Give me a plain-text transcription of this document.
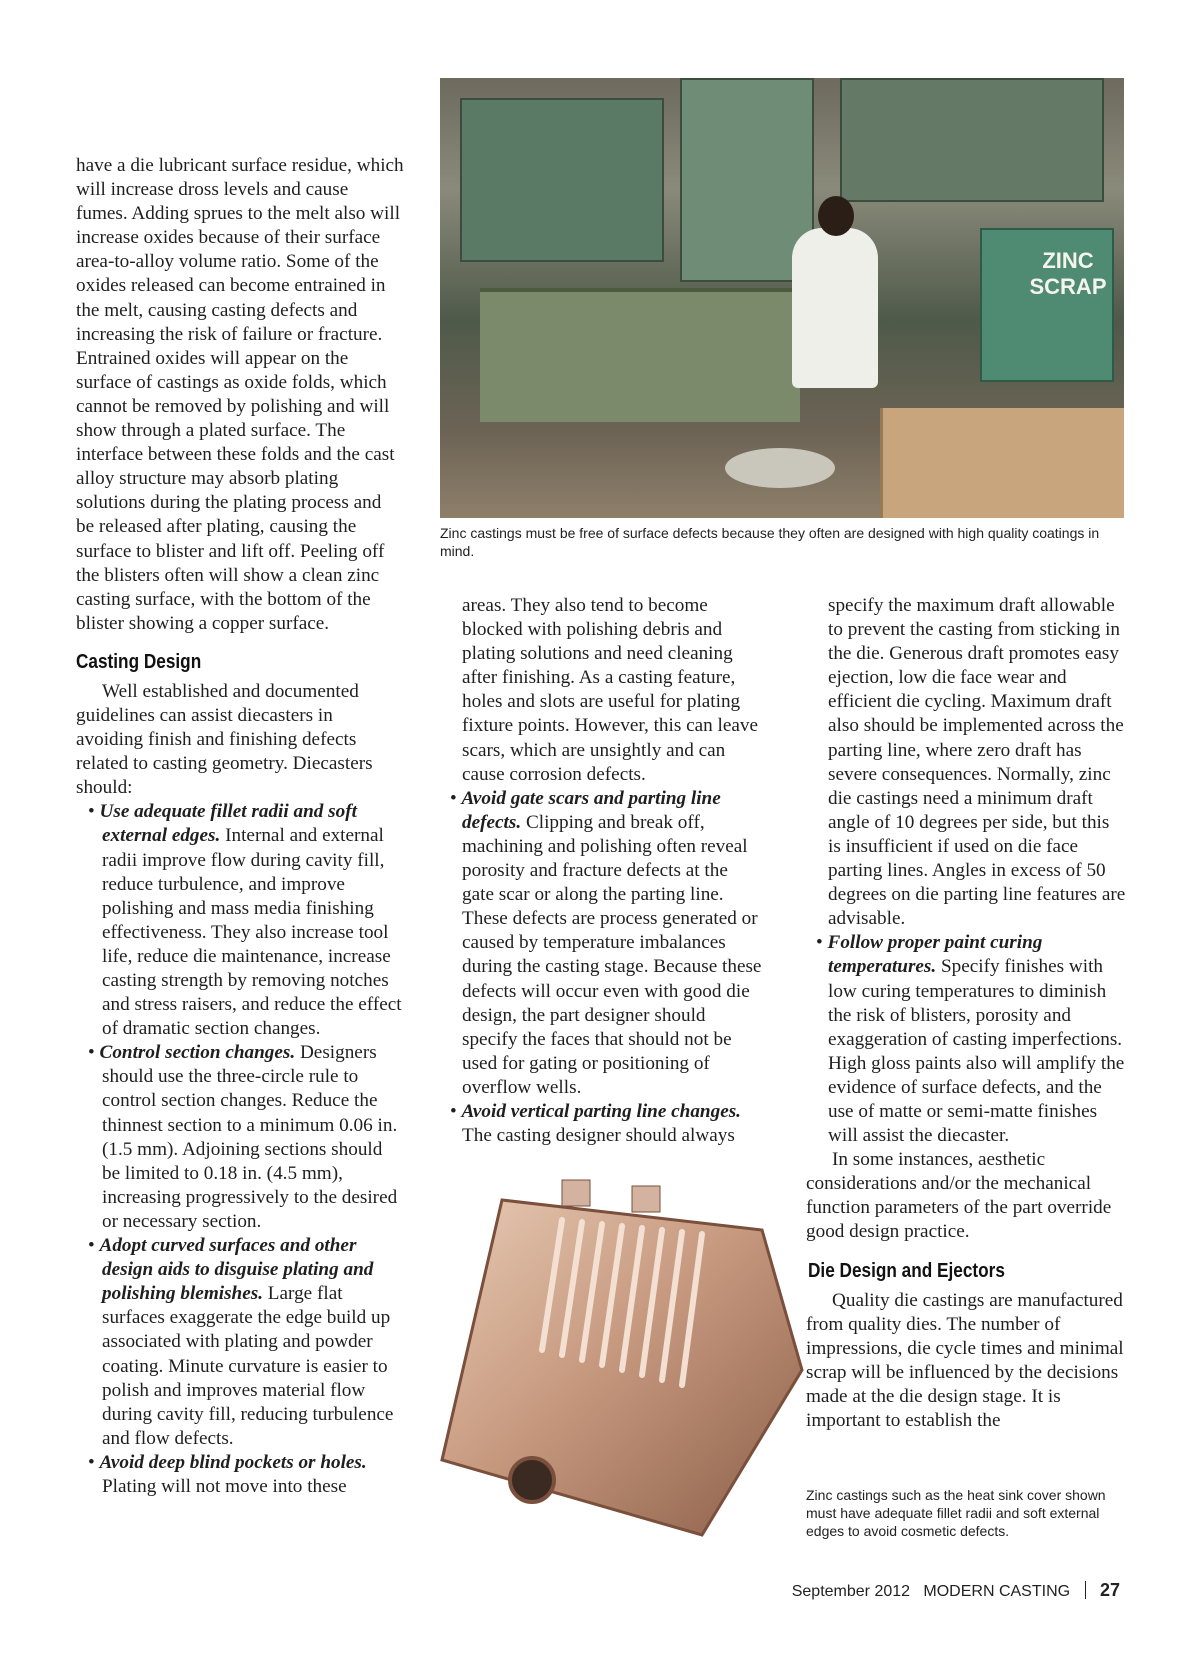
have a die lubricant surface residue, which will increase dross levels and cause fumes. Adding sprues to the melt also will increase oxides because of their surface area-to-alloy volume ratio. Some of the oxides released can become entrained in the melt, causing casting defects and increasing the risk of failure or fracture. Entrained oxides will appear on the surface of castings as oxide folds, which cannot be removed by polishing and will show through a plated surface. The interface between these folds and the cast alloy structure may absorb plating solutions during the plating process and be released after plating, causing the surface to blister and lift off. Peeling off the blisters often will show a clean zinc casting surface, with the bottom of the blister showing a copper surface.

Casting Design

Well established and documented guidelines can assist diecasters in avoiding finish and finishing defects related to casting geometry. Diecasters should:

• Use adequate fillet radii and soft external edges. Internal and external radii improve flow during cavity fill, reduce turbulence, and improve polishing and mass media finishing effectiveness. They also increase tool life, reduce die maintenance, increase casting strength by removing notches and stress raisers, and reduce the effect of dramatic section changes.

• Control section changes. Designers should use the three-circle rule to control section changes. Reduce the thinnest section to a minimum 0.06 in. (1.5 mm). Adjoining sections should be limited to 0.18 in. (4.5 mm), increasing progressively to the desired or necessary section.

• Adopt curved surfaces and other design aids to disguise plating and polishing blemishes. Large flat surfaces exaggerate the edge build up associated with plating and powder coating. Minute curvature is easier to polish and improves material flow during cavity fill, reducing turbulence and flow defects.

• Avoid deep blind pockets or holes. Plating will not move into these

ZINC SCRAP
Zinc castings must be free of surface defects because they often are designed with high quality coatings in mind.

areas. They also tend to become blocked with polishing debris and plating solutions and need cleaning after finishing. As a casting feature, holes and slots are useful for plating fixture points. However, this can leave scars, which are unsightly and can cause corrosion defects.

• Avoid gate scars and parting line defects. Clipping and break off, machining and polishing often reveal porosity and fracture defects at the gate scar or along the parting line. These defects are process generated or caused by temperature imbalances during the casting stage. Because these defects will occur even with good die design, the part designer should specify the faces that should not be used for gating or positioning of overflow wells.

• Avoid vertical parting line changes. The casting designer should always

specify the maximum draft allowable to prevent the casting from sticking in the die. Generous draft promotes easy ejection, low die face wear and efficient die cycling. Maximum draft also should be implemented across the parting line, where zero draft has severe consequences. Normally, zinc die castings need a minimum draft angle of 10 degrees per side, but this is insufficient if used on die face parting lines. Angles in excess of 50 degrees on die parting line features are advisable.

• Follow proper paint curing temperatures. Specify finishes with low curing temperatures to diminish the risk of blisters, porosity and exaggeration of casting imperfections. High gloss paints also will amplify the evidence of surface defects, and the use of matte or semi-matte finishes will assist the diecaster.

In some instances, aesthetic considerations and/or the mechanical function parameters of the part override good design practice.

Die Design and Ejectors

Quality die castings are manufactured from quality dies. The number of impressions, die cycle times and minimal scrap will be influenced by the decisions made at the die design stage. It is important to establish the

Zinc castings such as the heat sink cover shown must have adequate fillet radii and soft external edges to avoid cosmetic defects.
September 2012 MODERN CASTING 27
